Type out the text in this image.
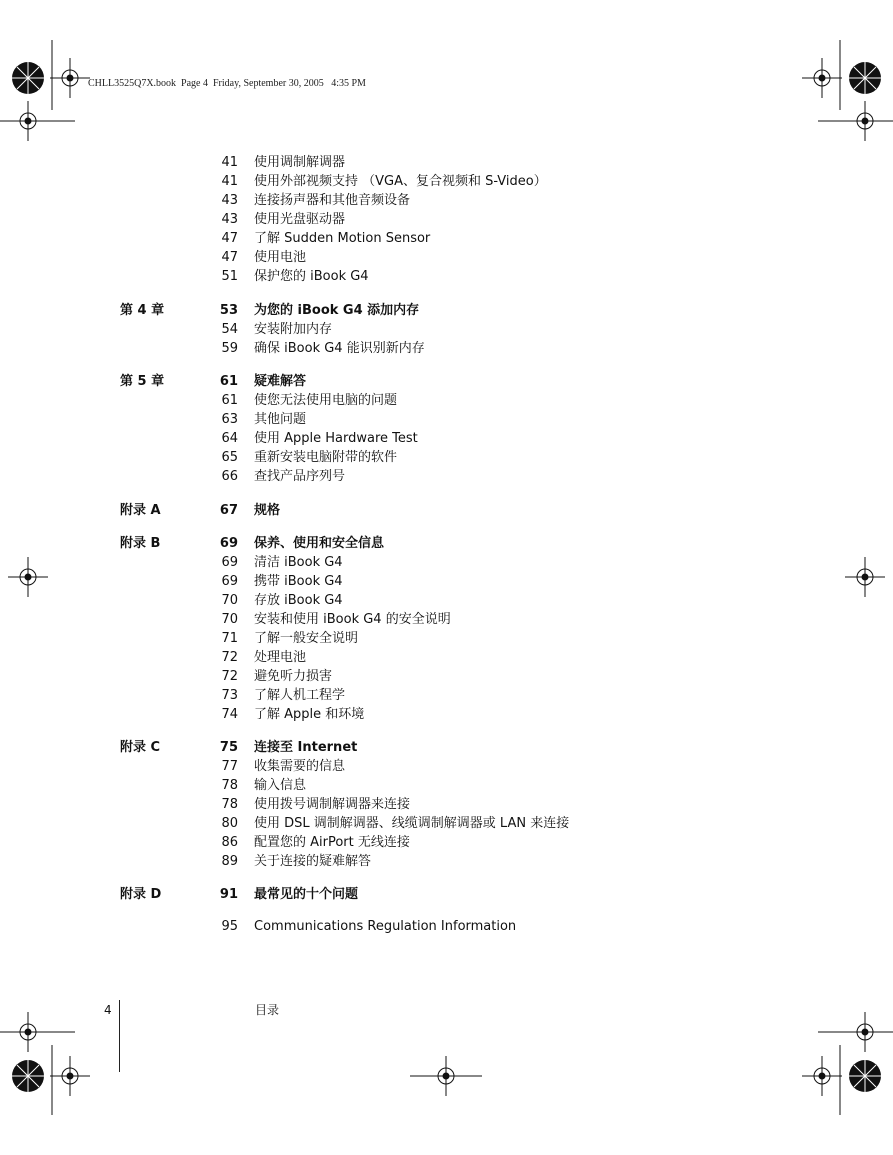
CHLL3525Q7X.book  Page 4  Friday, September 30, 2005   4:35 PM
41 使用调制解调器
41 使用外部视频支持 （VGA、复合视频和 S-Video）
43 连接扬声器和其他音频设备
43 使用光盘驱动器
47 了解 Sudden Motion Sensor
47 使用电池
51 保护您的 iBook G4
第 4 章	53 为您的 iBook G4 添加内存
54 安装附加内存
59 确保 iBook G4 能识别新内存
第 5 章	61 疑难解答
61 使您无法使用电脑的问题
63 其他问题
64 使用 Apple Hardware Test
65 重新安装电脑附带的软件
66 查找产品序列号
附录 A	67 规格
附录 B	69 保养、使用和安全信息
69 清洁 iBook G4
69 携带 iBook G4
70 存放 iBook G4
70 安装和使用 iBook G4 的安全说明
71 了解一般安全说明
72 处理电池
72 避免听力损害
73 了解人机工程学
74 了解 Apple 和环境
附录 C	75 连接至 Internet
77 收集需要的信息
78 输入信息
78 使用拨号调制解调器来连接
80 使用 DSL 调制解调器、线缆调制解调器或 LAN 来连接
86 配置您的 AirPort 无线连接
89 关于连接的疑难解答
附录 D	91 最常见的十个问题
95 Communications Regulation Information
4	目录
